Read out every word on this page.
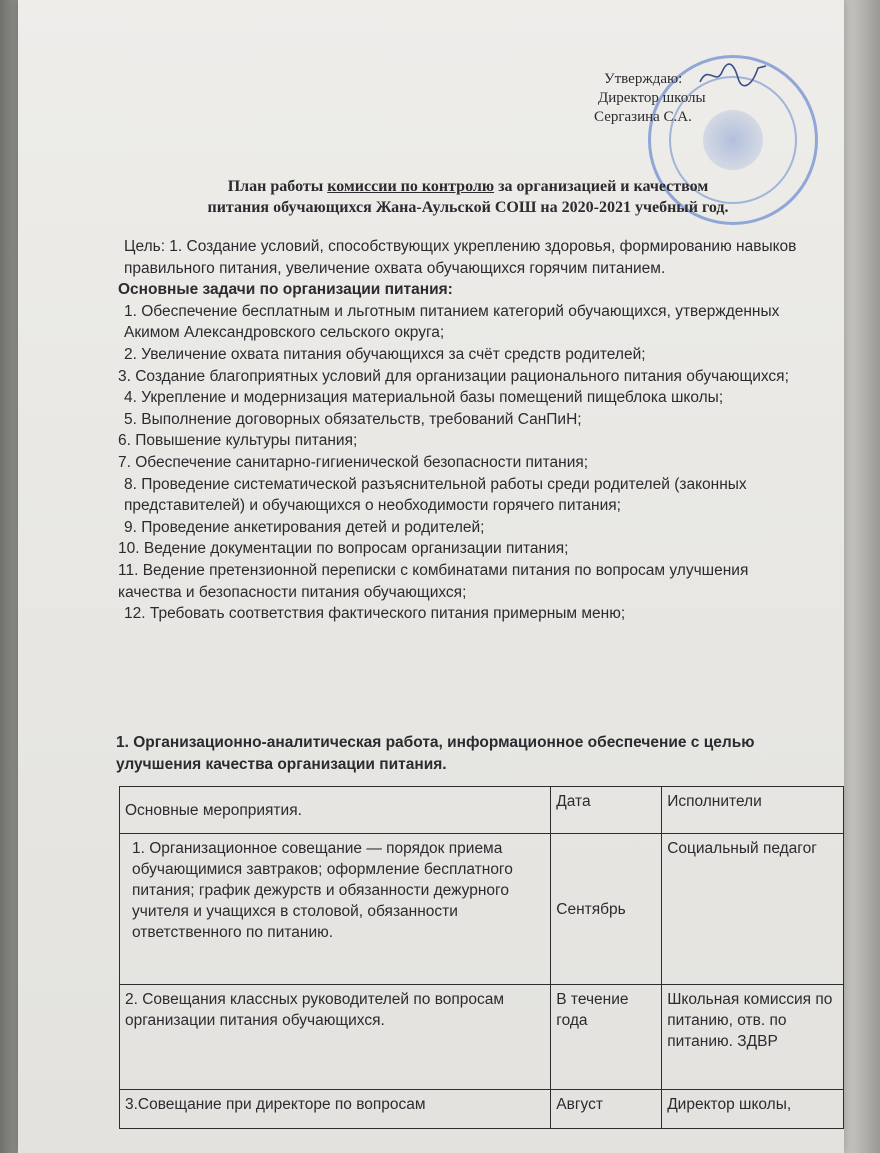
Утверждаю:
Директор школы
Сергазина С.А.
План работы комиссии по контролю за организацией и качеством
питания обучающихся Жана-Аульской СОШ на 2020-2021 учебный год.

Цель: 1. Создание условий, способствующих укреплению здоровья, формированию навыков правильного питания, увеличение охвата обучающихся горячим питанием.

Основные задачи по организации питания:

1. Обеспечение бесплатным и льготным питанием категорий обучающихся, утвержденных Акимом Александровского сельского округа;

2. Увеличение охвата питания обучающихся за счёт средств родителей;

3. Создание благоприятных условий для организации рационального питания обучающихся;

4. Укрепление и модернизация материальной базы помещений пищеблока школы;

5. Выполнение договорных обязательств, требований СанПиН;

6. Повышение культуры питания;

7. Обеспечение санитарно-гигиенической безопасности питания;

8. Проведение систематической разъяснительной работы среди родителей (законных представителей) и обучающихся о необходимости горячего питания;

9. Проведение анкетирования детей и родителей;

10. Ведение документации по вопросам организации питания;

11. Ведение претензионной переписки с комбинатами питания по вопросам улучшения качества и безопасности питания обучающихся;

12. Требовать соответствия фактического питания примерным меню;

1. Организационно-аналитическая работа, информационное обеспечение с целью улучшения качества организации питания.
Основные мероприятия.	Дата	Исполнители
1. Организационное совещание — порядок приема обучающимися завтраков; оформление бесплатного питания; график дежурств и обязанности дежурного учителя и учащихся в столовой, обязанности ответственного по питанию.	Сентябрь	Социальный педагог
2. Совещания классных руководителей по вопросам организации питания обучающихся.	В течение года	Школьная комиссия по питанию, отв. по питанию. ЗДВР
3.Совещание при директоре по вопросам	Август	Директор школы,
